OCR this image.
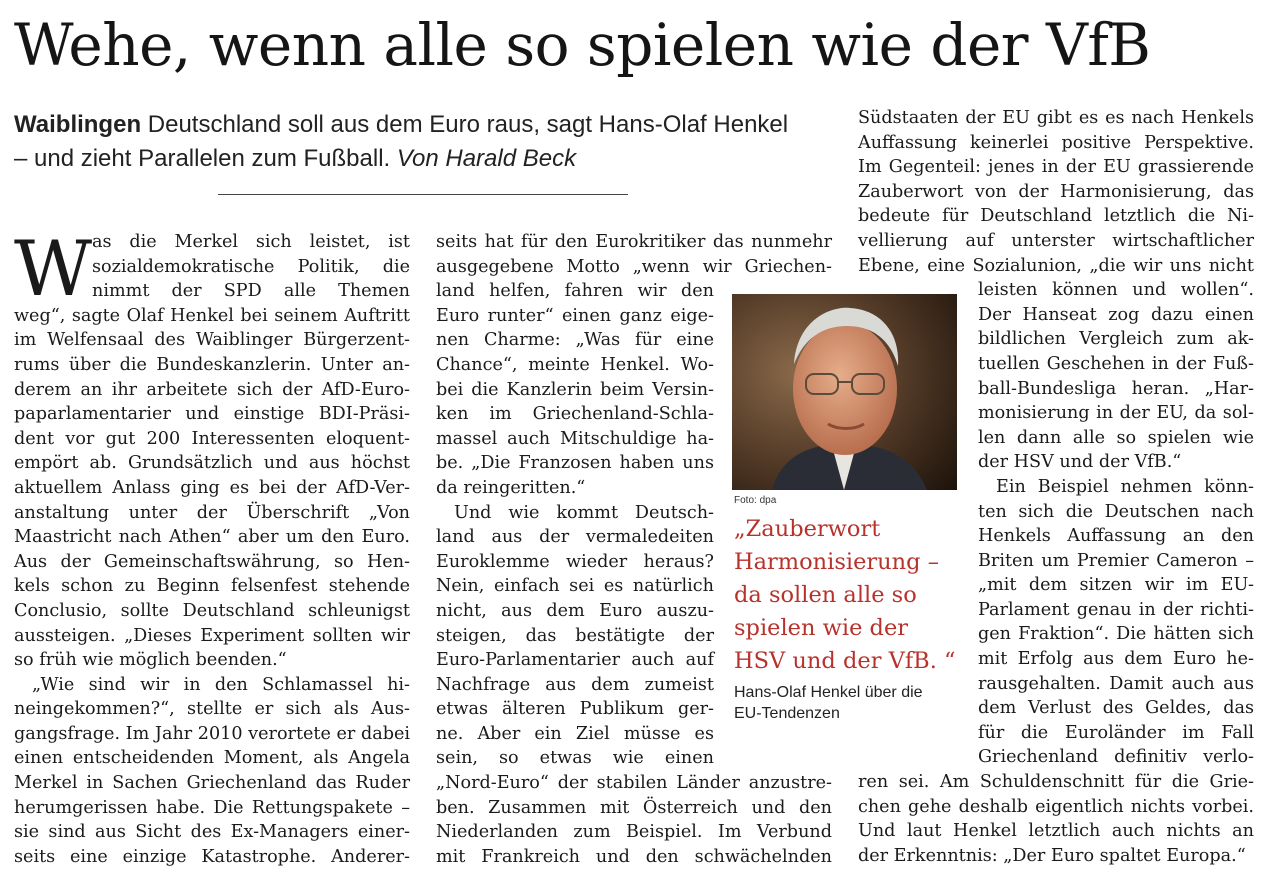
Wehe, wenn alle so spielen wie der VfB
Waiblingen Deutschland soll aus dem Euro raus, sagt Hans-Olaf Henkel – und zieht Parallelen zum Fußball. Von Harald Beck
W as die Merkel sich leistet, ist
sozialdemokratische Politik, die
nimmt der SPD alle Themen
weg“, sagte Olaf Henkel bei seinem Auftritt
im Welfensaal des Waiblinger Bürgerzent-
rums über die Bundeskanzlerin. Unter an-
derem an ihr arbeitete sich der AfD-Euro-
paparlamentarier und einstige BDI-Präsi-
dent vor gut 200 Interessenten eloquent-
empört ab. Grundsätzlich und aus höchst
aktuellem Anlass ging es bei der AfD-Ver-
anstaltung unter der Überschrift „Von
Maastricht nach Athen“ aber um den Euro.
Aus der Gemeinschaftswährung, so Hen-
kels schon zu Beginn felsenfest stehende
Conclusio, sollte Deutschland schleunigst
aussteigen. „Dieses Experiment sollten wir
so früh wie möglich beenden.“
„Wie sind wir in den Schlamassel hi-
neingekommen?“, stellte er sich als Aus-
gangsfrage. Im Jahr 2010 verortete er dabei
einen entscheidenden Moment, als Angela
Merkel in Sachen Griechenland das Ruder
herumgerissen habe. Die Rettungspakete –
sie sind aus Sicht des Ex-Managers einer-
seits eine einzige Katastrophe. Anderer-
seits hat für den Eurokritiker das nunmehr
ausgegebene Motto „wenn wir Griechen-
land helfen, fahren wir den
Euro runter“ einen ganz eige-
nen Charme: „Was für eine
Chance“, meinte Henkel. Wo-
bei die Kanzlerin beim Versin-
ken im Griechenland-Schla-
massel auch Mitschuldige ha-
be. „Die Franzosen haben uns
da reingeritten.“
Und wie kommt Deutsch-
land aus der vermaledeiten
Euroklemme wieder heraus?
Nein, einfach sei es natürlich
nicht, aus dem Euro auszu-
steigen, das bestätigte der
Euro-Parlamentarier auch auf
Nachfrage aus dem zumeist
etwas älteren Publikum ger-
ne. Aber ein Ziel müsse es
sein, so etwas wie einen
„Nord-Euro“ der stabilen Länder anzustre-
ben. Zusammen mit Österreich und den
Niederlanden zum Beispiel. Im Verbund
mit Frankreich und den schwächelnden
Südstaaten der EU gibt es es nach Henkels
Auffassung keinerlei positive Perspektive.
Im Gegenteil: jenes in der EU grassierende
Zauberwort von der Harmonisierung, das
bedeute für Deutschland letztlich die Ni-
vellierung auf unterster wirtschaftlicher
Ebene, eine Sozialunion, „die wir uns nicht
leisten können und wollen“.
Der Hanseat zog dazu einen
bildlichen Vergleich zum ak-
tuellen Geschehen in der Fuß-
ball-Bundesliga heran. „Har-
monisierung in der EU, da sol-
len dann alle so spielen wie
der HSV und der VfB.“
Ein Beispiel nehmen könn-
ten sich die Deutschen nach
Henkels Auffassung an den
Briten um Premier Cameron –
„mit dem sitzen wir im EU-
Parlament genau in der richti-
gen Fraktion“. Die hätten sich
mit Erfolg aus dem Euro he-
rausgehalten. Damit auch aus
dem Verlust des Geldes, das
für die Euroländer im Fall
Griechenland definitiv verlo-
ren sei. Am Schuldenschnitt für die Grie-
chen gehe deshalb eigentlich nichts vorbei.
Und laut Henkel letztlich auch nichts an
der Erkenntnis: „Der Euro spaltet Europa.“
Foto: dpa
„Zauberwort Harmonisierung – da sollen alle so spielen wie der HSV und der VfB. “
Hans-Olaf Henkel über die EU-Tendenzen
